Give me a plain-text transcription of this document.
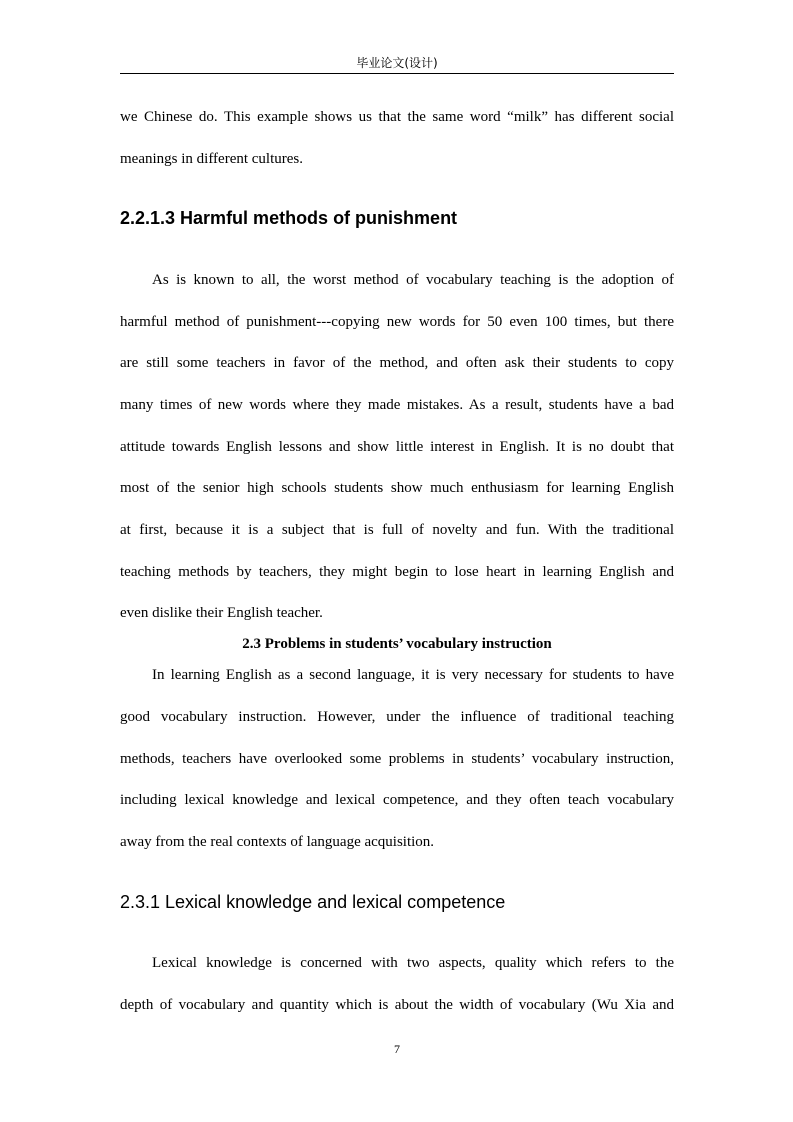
毕业论文(设计)
we Chinese do. This example shows us that the same word “milk” has different social
meanings in different cultures.
2.2.1.3 Harmful methods of punishment
As is known to all, the worst method of vocabulary teaching is the adoption of
harmful method of punishment---copying new words for 50 even 100 times, but there
are still some teachers in favor of the method, and often ask their students to copy
many times of new words where they made mistakes. As a result, students have a bad
attitude towards English lessons and show little interest in English. It is no doubt that
most of the senior high schools students show much enthusiasm for learning English
at first, because it is a subject that is full of novelty and fun. With the traditional
teaching methods by teachers, they might begin to lose heart in learning English and
even dislike their English teacher.
2.3 Problems in students’ vocabulary instruction
In learning English as a second language, it is very necessary for students to have
good vocabulary instruction. However, under the influence of traditional teaching
methods, teachers have overlooked some problems in students’ vocabulary instruction,
including lexical knowledge and lexical competence, and they often teach vocabulary
away from the real contexts of language acquisition.
2.3.1 Lexical knowledge and lexical competence
Lexical knowledge is concerned with two aspects, quality which refers to the
depth of vocabulary and quantity which is about the width of vocabulary (Wu Xia and
7
